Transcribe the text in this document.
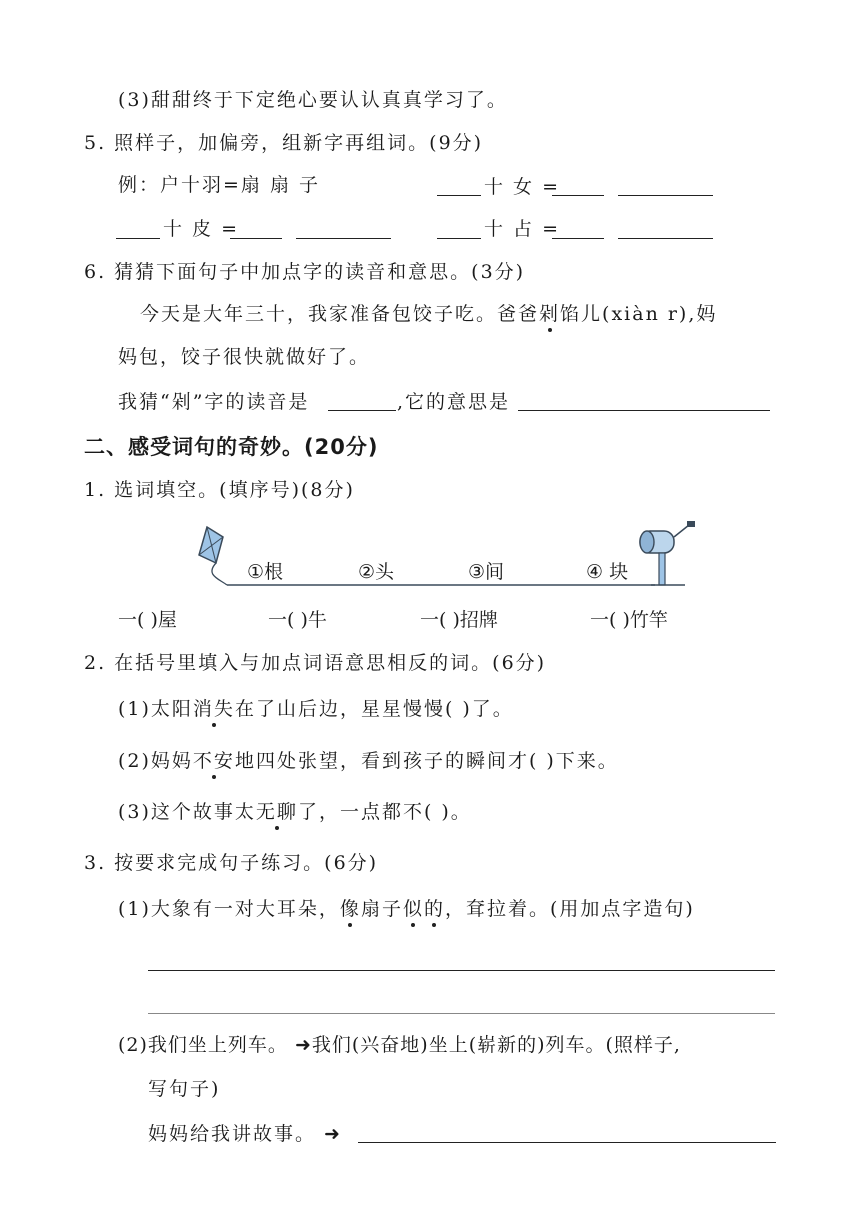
(3)甜甜终于下定绝心要认认真真学习了。
5. 照样子，加偏旁，组新字再组词。(9分)
例：户十羽=扇 扇 子	十 女 =
十 皮 =	十 占 =
6. 猜猜下面句子中加点字的读音和意思。(3分)
今天是大年三十，我家准备包饺子吃。爸爸剁馅儿(xiàn r),妈
妈包，饺子很快就做好了。
我猜“剁”字的读音是	,它的意思是
二、感受词句的奇妙。(20分)
1. 选词填空。(填序号)(8分)
①根	②头	③间	④ 块
一( )屋	一( )牛	一( )招牌	一( )竹竿
2. 在括号里填入与加点词语意思相反的词。(6分)
(1)太阳消失在了山后边，星星慢慢( )了。
(2)妈妈不安地四处张望，看到孩子的瞬间才( )下来。
(3)这个故事太无聊了，一点都不( )。
3. 按要求完成句子练习。(6分)
(1)大象有一对大耳朵，像扇子似的，耷拉着。(用加点字造句)
(2)我们坐上列车。 ➜我们(兴奋地)坐上(崭新的)列车。(照样子,
写句子)
妈妈给我讲故事。 ➜
